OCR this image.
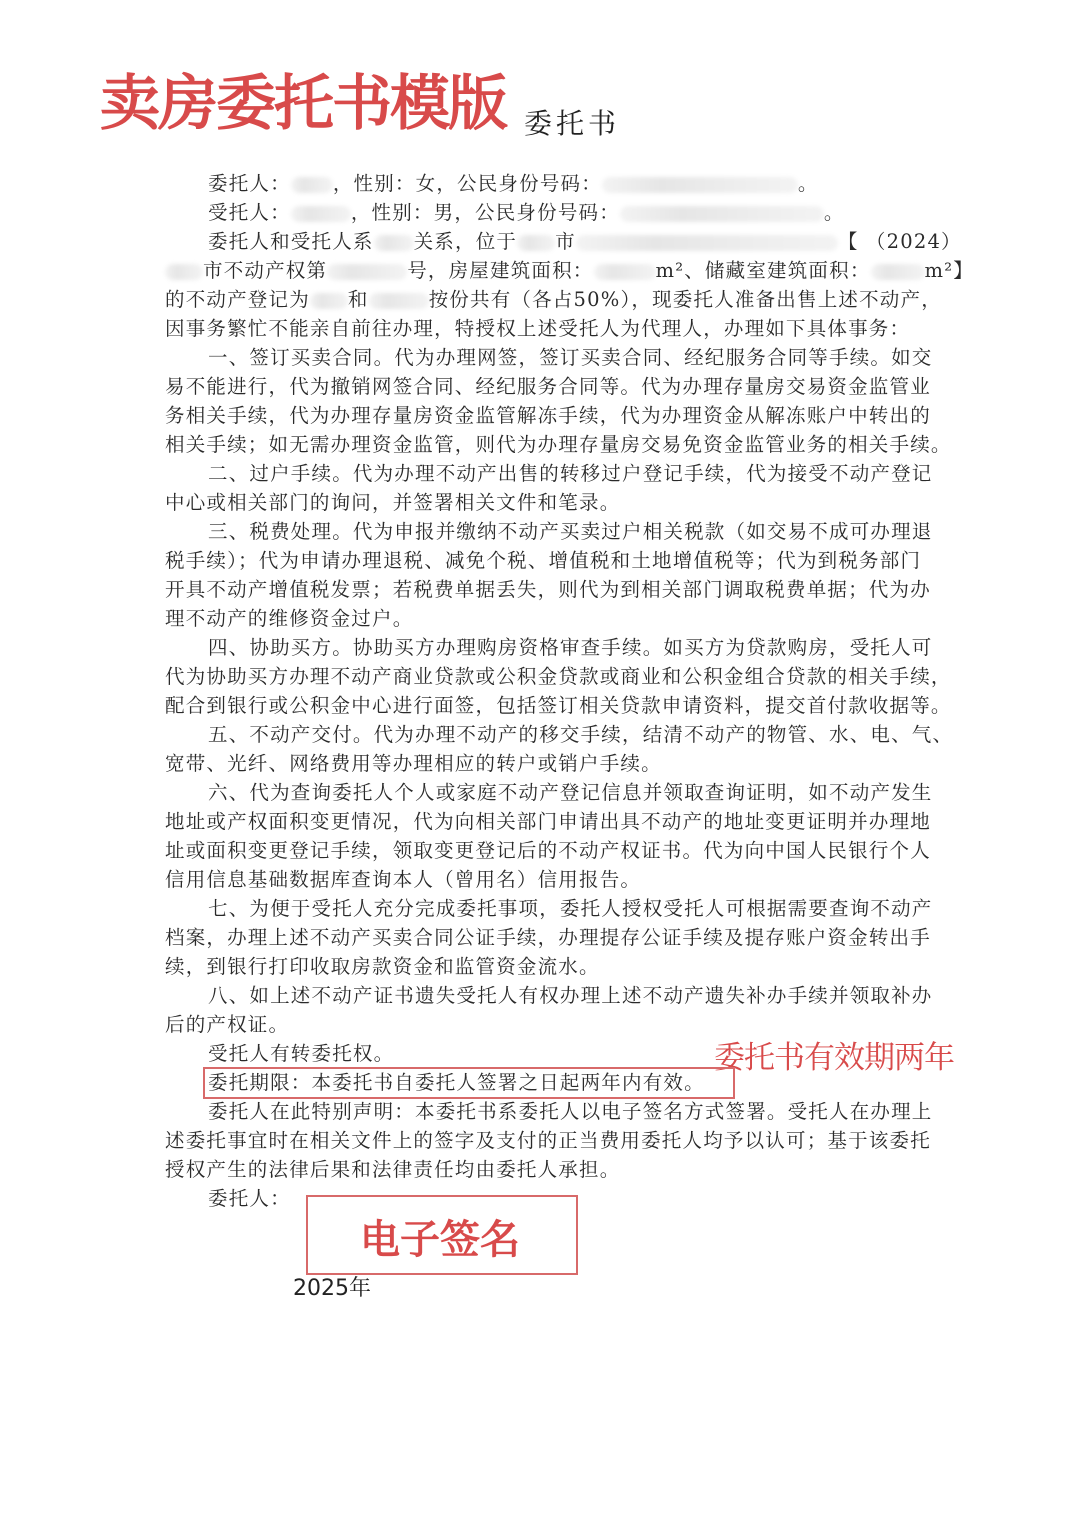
卖房委托书模版 委托书
委托人： ，性别：女，公民身份号码：	。
受托人：	，性别：男，公民身份号码：	。
委托人和受托人系 关系，位于 市	【 （2024）
市不动产权第	号，房屋建筑面积：	m²、储藏室建筑面积：	m²】
的不动产登记为 和	按份共有（各占50%），现委托人准备出售上述不动产，
因事务繁忙不能亲自前往办理，特授权上述受托人为代理人，办理如下具体事务：
一、签订买卖合同。代为办理网签，签订买卖合同、经纪服务合同等手续。如交
易不能进行，代为撤销网签合同、经纪服务合同等。代为办理存量房交易资金监管业
务相关手续，代为办理存量房资金监管解冻手续，代为办理资金从解冻账户中转出的
相关手续；如无需办理资金监管，则代为办理存量房交易免资金监管业务的相关手续。
二、过户手续。代为办理不动产出售的转移过户登记手续，代为接受不动产登记
中心或相关部门的询问，并签署相关文件和笔录。
三、税费处理。代为申报并缴纳不动产买卖过户相关税款（如交易不成可办理退
税手续）；代为申请办理退税、减免个税、增值税和土地增值税等；代为到税务部门
开具不动产增值税发票；若税费单据丢失，则代为到相关部门调取税费单据；代为办
理不动产的维修资金过户。
四、协助买方。协助买方办理购房资格审查手续。如买方为贷款购房，受托人可
代为协助买方办理不动产商业贷款或公积金贷款或商业和公积金组合贷款的相关手续，
配合到银行或公积金中心进行面签，包括签订相关贷款申请资料，提交首付款收据等。
五、不动产交付。代为办理不动产的移交手续，结清不动产的物管、水、电、气、
宽带、光纤、网络费用等办理相应的转户或销户手续。
六、代为查询委托人个人或家庭不动产登记信息并领取查询证明，如不动产发生
地址或产权面积变更情况，代为向相关部门申请出具不动产的地址变更证明并办理地
址或面积变更登记手续，领取变更登记后的不动产权证书。代为向中国人民银行个人
信用信息基础数据库查询本人（曾用名）信用报告。
七、为便于受托人充分完成委托事项，委托人授权受托人可根据需要查询不动产
档案，办理上述不动产买卖合同公证手续，办理提存公证手续及提存账户资金转出手
续，到银行打印收取房款资金和监管资金流水。
八、如上述不动产证书遗失受托人有权办理上述不动产遗失补办手续并领取补办
后的产权证。
受托人有转委托权。
委托期限：本委托书自委托人签署之日起两年内有效。
委托人在此特别声明：本委托书系委托人以电子签名方式签署。受托人在办理上
述委托事宜时在相关文件上的签字及支付的正当费用委托人均予以认可；基于该委托
授权产生的法律后果和法律责任均由委托人承担。
委托人：
委托书有效期两年
电子签名
2025年
